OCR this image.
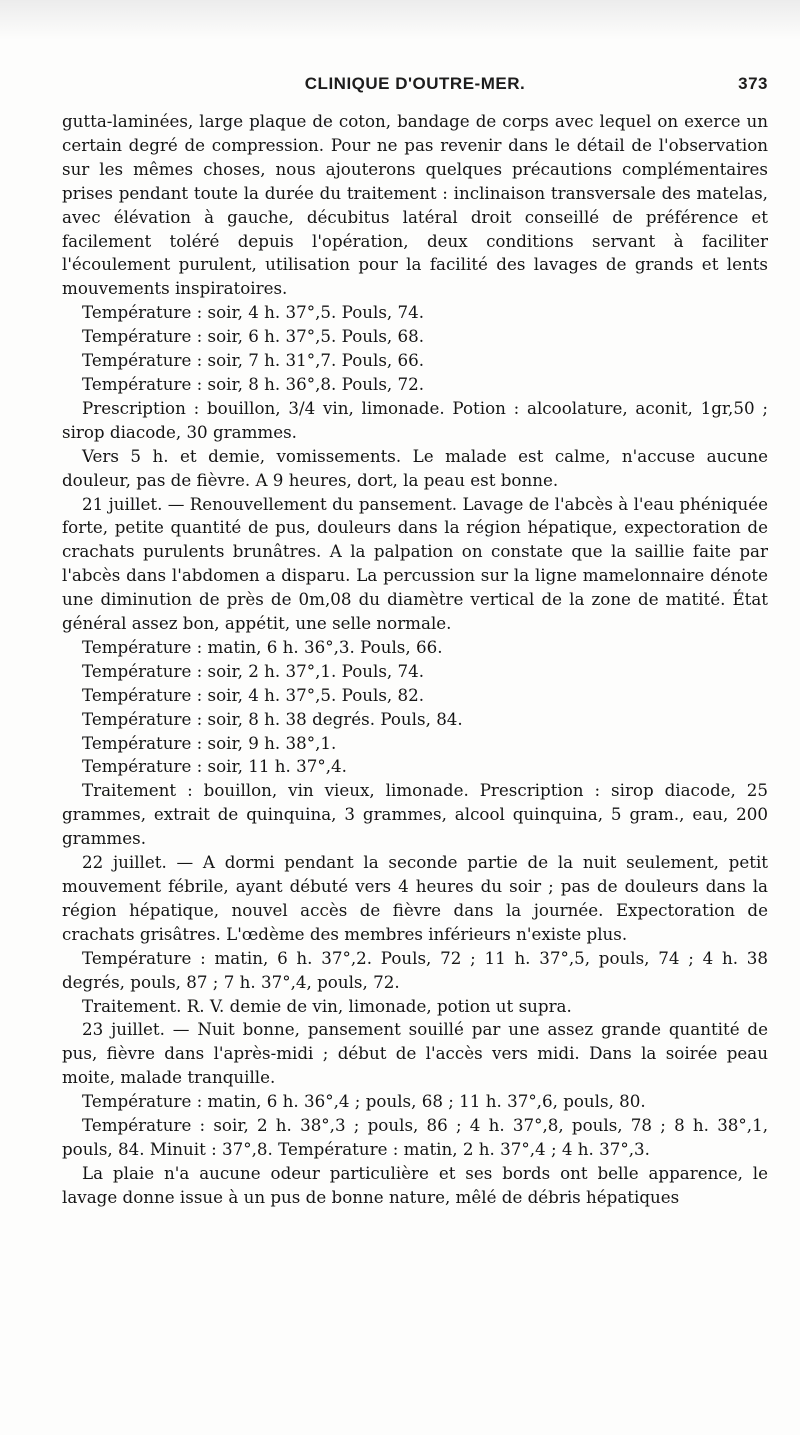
CLINIQUE D'OUTRE-MER.	373

gutta-laminées, large plaque de coton, bandage de corps avec lequel on exerce un certain degré de compression. Pour ne pas revenir dans le détail de l'observation sur les mêmes choses, nous ajouterons quelques précautions complémentaires prises pendant toute la durée du traitement : inclinaison transversale des matelas, avec élévation à gauche, décubitus latéral droit conseillé de préférence et facilement toléré depuis l'opération, deux conditions servant à faciliter l'écoulement purulent, utilisation pour la facilité des lavages de grands et lents mouvements inspiratoires.

Température : soir, 4 h. 37°,5. Pouls, 74.

Température : soir, 6 h. 37°,5. Pouls, 68.

Température : soir, 7 h. 31°,7. Pouls, 66.

Température : soir, 8 h. 36°,8. Pouls, 72.

Prescription : bouillon, 3/4 vin, limonade. Potion : alcoolature, aconit, 1gr,50 ; sirop diacode, 30 grammes.

Vers 5 h. et demie, vomissements. Le malade est calme, n'accuse aucune douleur, pas de fièvre. A 9 heures, dort, la peau est bonne.

21 juillet. — Renouvellement du pansement. Lavage de l'abcès à l'eau phéniquée forte, petite quantité de pus, douleurs dans la région hépatique, expectoration de crachats purulents brunâtres. A la palpation on constate que la saillie faite par l'abcès dans l'abdomen a disparu. La percussion sur la ligne mamelonnaire dénote une diminution de près de 0m,08 du diamètre vertical de la zone de matité. État général assez bon, appétit, une selle normale.

Température : matin, 6 h. 36°,3. Pouls, 66.

Température : soir, 2 h. 37°,1. Pouls, 74.

Température : soir, 4 h. 37°,5. Pouls, 82.

Température : soir, 8 h. 38 degrés. Pouls, 84.

Température : soir, 9 h. 38°,1.

Température : soir, 11 h. 37°,4.

Traitement : bouillon, vin vieux, limonade. Prescription : sirop diacode, 25 grammes, extrait de quinquina, 3 grammes, alcool quinquina, 5 gram., eau, 200 grammes.

22 juillet. — A dormi pendant la seconde partie de la nuit seulement, petit mouvement fébrile, ayant débuté vers 4 heures du soir ; pas de douleurs dans la région hépatique, nouvel accès de fièvre dans la journée. Expectoration de crachats grisâtres. L'œdème des membres inférieurs n'existe plus.

Température : matin, 6 h. 37°,2. Pouls, 72 ; 11 h. 37°,5, pouls, 74 ; 4 h. 38 degrés, pouls, 87 ; 7 h. 37°,4, pouls, 72.

Traitement. R. V. demie de vin, limonade, potion ut supra.

23 juillet. — Nuit bonne, pansement souillé par une assez grande quantité de pus, fièvre dans l'après-midi ; début de l'accès vers midi. Dans la soirée peau moite, malade tranquille.

Température : matin, 6 h. 36°,4 ; pouls, 68 ; 11 h. 37°,6, pouls, 80.

Température : soir, 2 h. 38°,3 ; pouls, 86 ; 4 h. 37°,8, pouls, 78 ; 8 h. 38°,1, pouls, 84. Minuit : 37°,8. Température : matin, 2 h. 37°,4 ; 4 h. 37°,3.

La plaie n'a aucune odeur particulière et ses bords ont belle apparence, le lavage donne issue à un pus de bonne nature, mêlé de débris hépatiques
